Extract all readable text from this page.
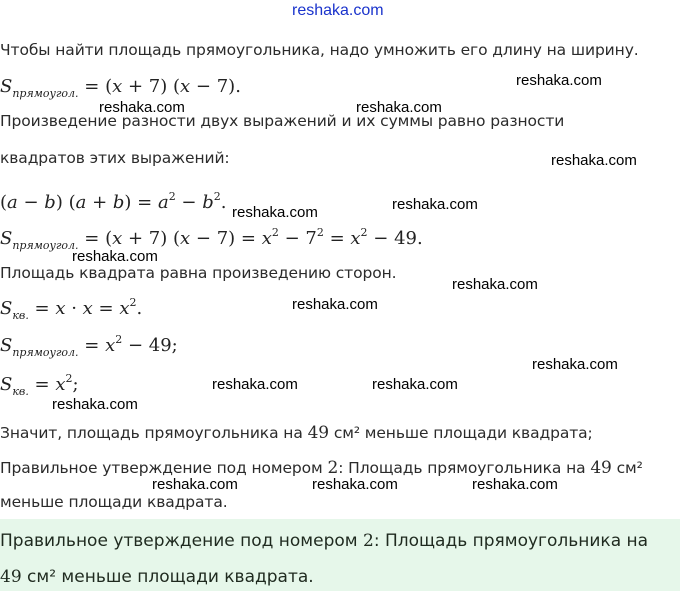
reshaka.com
Чтобы найти площадь прямоугольника, надо умножить его длину на ширину.
$S_{прямоугол.} = (x + 7) (x - 7)$.
Произведение разности двух выражений и их суммы равно разности
квадратов этих выражений:
(a − b) $(a + b) = a^2 - b^2$.
$S_{прямоугол.} = (x + 7) (x - 7) = x^2 - 7^2 = x^2 - 49$.
Площадь квадрата равна произведению сторон.
$S_{кв.} = x \cdot x = x^2$.
$S_{прямоугол.} = x^2 - 49$;
$S_{кв.} = x^2$;
Значит, площадь прямоугольника на 49 см² меньше площади квадрата;
Правильное утверждение под номером 2: Площадь прямоугольника на 49 см²
меньше площади квадрата.
Правильное утверждение под номером 2: Площадь прямоугольника на
49 см² меньше площади квадрата.
reshaka.com
reshaka.com	reshaka.com
reshaka.com
reshaka.com
reshaka.com
reshaka.com
reshaka.com
reshaka.com
reshaka.com
reshaka.com	reshaka.com
reshaka.com
reshaka.com	reshaka.com	reshaka.com
